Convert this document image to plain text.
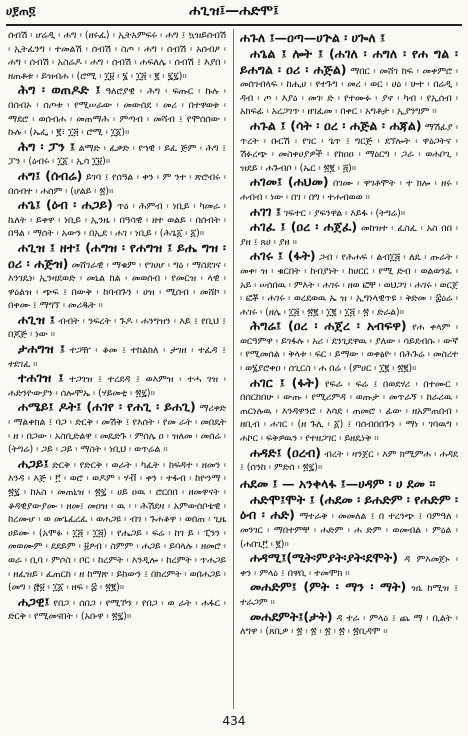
ሀ፻ጠ፬	ሐጊዝ፤—ሐድሞ፤

ሰብሽ ፡ ሆሬዲ ፡ ሐግ ፡ (ዘሩፈ) ፡ ኢትአምፍሩ ፡ ሐግ ፤ ኳዝይሰብሽ ፡ ኢትፈንግ ፡ ተመልሽ ፡ ሰብሽ ፡ ስጦ ፡ ሐግ ፡ ሰብሽ ፡ አሰብዖ ፡ ሐግ ፡ ሰብሽ ፡ አስሬዶ ፡ ሐግ ፡ ሰብሽ ፡ ሐፍለሌ ፡ ሰብሽ ፤ እያበ ፡ ዘጠቶቱ ፡ ይዝብሐ ፡ (ሮሚ ፡ ፲፱ ፡ ፮ ፡ ፲፭ ፡ ፪ ፡ ፯፯)።

ሕግ ፡ ወጠዶድ ፤ ዓለሮያዊ ፡ ሕግ ፡ ፍጡር ፡ ኩሉ ፡ በሰብኦ ፡ ሰጦቱ ፡ የሚሠራው ፡ መውሰደ ፡ መሪ ፡ በተዋወቱ ፡ ማደሮ ፡ ወሰብሐ ፡ መጠማሕ ፡ ምጣብ ፡ መሻብ ፤ የሞሰሰው ፡ ኩሉ ፡ (ኤፌ ፡ ፪፣ ፲፭ ፡ ሮሚ ፡ ፲፩)።

ሕግ ፡ ፓን ፤ ልማድ ፡ ፈቃድ ፡ የኀዊ ፡ ይፈ ጅም ፡ ሕግ ፤ ፓን ፡ (ዕብሩ ፡ ፲፩ ፡ ኢሳ ፲፱)።

ሐግ፤ (ሰብሬ) ይገባ ፤ የሰዓል ፡ ቀን ፡ ም ንተ ፡ ጽሮብሩ ፡ በሰብተ ፡ ሐሰም ፡ (ሆልይ ፡ ፳)።

ሐጌ፤ (ዕብ ፡ ሐጋይ) ጥዕ ፡ ሕምብ ፡ ነቢይ ፡ ካመራ ፡ ኬለት ፡ ይቀዋ ፡ ነቢይ ፡ ኢንዜ ፡ በዓሳዊ ፡ ዘተ ወልይ ፡ በሰብት ፡ በዓል ፡ ማሰት ፡ አውን ፡ በኢደ ፡ ሐገ ፡ ነቢይ ፡ (ሕጌ፩ ፡ ፩)።

ሐጊዝ ፤ ዘተ፤ (ሐግዝ ፡ የሐግዝ ፤ ይሔ ግዝ ፡ ዐሪ ፡ ሐጅዝ) መሸገራዊ ፡ ማቁም ፡ የገሀሆ ፡ ግዕ ፡ ማስደገና ፡ እንገዴነ፡ ኢንዛደወድ ፡ መኒል ከል ፡ መወሰብ ፡ የመርዝ ፡ ላዊ ፡ ዋዕልዝ ፡ ጭፍ ፤ በውቅ ፡ ከባብጉን ፡ ሀዝ ፡ ሚሰብ ፡ መሸኮ ፡ በቀሙ ፤ ማግኘ ፡ መሪዱት ።

ሐጊዝ ፤ ብብት ፡ ንፍረት ፡ ጉዶ ፡ ሐንግዝን ፡ እይ ፤ የቢህ ፤ በጆጅ ፡ ነው ።

ታሐግዝ ፤ ተጋዥ ፡ ቆመ ፤ ተከልክለ ፡ ታገዘ ፡ ተፈዳ ፤ ተደገፈ ።

ተሐገዝ ፤ ተጋገዝ ፤ ተረደዳ ፤ ወእምዝ ፡ ተሓ ገዝ ፡ ሐድንዮውያን ፡ ሰሎሞኤ ፡ (ሃይመቲ ፡ ፳፯)።

ሐሜይ፤ ዶት፤ (ሐገየ ፡ የሐጊ ፡ ይሐጊ) ማሪቀድ ፡ ማልቀክል ፤ ባጋ ፡ ድርቅ ፡ መሽቅ ፤ የእሰት ፡ የመ ራት ፡ መበዴት ፡ ዘ ፡ በጋው ፡ አስቢድልዋ ፡ መዴድጉ ፡ ምሰሌ ዐ ፡ ዝለመ ፡ መሰሬ ፡ (ትግሬ) ፡ ጋይ ፡ ጋይ ፡ ማስት ፡ ነቢህ ፡ ወጥሬል ።

ሐጋይ፤ ድርቅ ፡ የድርቅ ፡ ወራት ፡ ካፈት ፡ ከፍዳተ ፡ ዘመን ፡ እንዳ ፡ እጅ ፡ ፫ ፡ ወሮ ፡ ወዶም ፡ ሃቭ ፡ ቀን ፡ ተፋብ ፡ ከዮንማ ፡ ፳፯ ፡ ከአስ ፡ መጠኒዝ ፡ ፳፯ ፡ ሀይ ዐዉ ፡ ሮርበበ ፡ ዘመዋናት ፡ ቆዳዊያውያሙ ፡ ዘመ፤ መዐዝ ፡ ዉ ፡ ፡ ሕሽደዛ ፡ አምውሰቦቴዊ ፡ ከረሙሆ ፡ ወ መጌፈረፈ ፡ ወሐጋዩ ፡ ብገ ፡ ጉሐቆዋ ፡ ወበጠ ፡ ጊዜ ሀይሙ ፡ (አሞፉ ፡ ፲፭ ፡ ፲፭) ፡ የሔጋይ ፡ ፍሬ ፡ ከገ ይ ፡ ፒንን ፡ መወሙም ፡ ደደይም ፡ ፱ፆብ ፡ ስምም ፡ ሐጋይ ፡ ይባላሉ ፡ ዘመሮ ፡ ወራ ፡ ቢባ ፡ ምሶስ ፡ ቦር ፡ ከረምት ፡ እንዲሎ ፡ ከረምት ፡ ጥሐጋይ ፡ ዘፈዝይ ፡ ፈጠርከ ፡ ዘ ከማጽ ፡ ይከውን ፤ በክረምት ፡ ወበሐጋይ ፡ (መግ ፡ ፸፱ ፡ ፲፩ ፡ ዘፍ ፡ ፰ ፡ ፳፪)።

ሐጋዊ፤ የበጋ ፡ ሰበጋ ፡ የሚኾን ፡ የበጋ ፡ ወ ራት ፡ ሐፋር ፡ ድርቅ ፡ የሚመናበት ፡ (አቡዋ ፡ ፳፯)።

ሐጉለ ፤—ዐጣ—ሀጕል ፡ ሀጐለ ፤

ሐጌል ፤ ሎት ፤ (ሐገለ ፡ ሐግለ ፡ የሐ ግል ፡ ይሐግል ፡ ዐሪ ፡ ሐጅል) ማበር ፡ መሸገ ከፍ ፡ መቀምሮ ፡ መሰገብላፍ ፡ ከሒሀ ፡ የተጉግ ፡ መረ ፡ ወር ፡ ሀዕ ፡ ሁተ ፡ በሬዲ ፡ ዳብ ፡ ጦ ፡ እያዕ ፡ መገ፡ ድ ፡ የተሙፉ ፡ ያኖ ፡ ካብ ፡ የኢሰብ ፡ አክፍፊ ፡ አረጋገጥ ፡ ዘገፈመ ፡ በቀር ፡ አግቶታ ፡ ኢያንግም ።

ሐጉል ፤ (ሳት ፡ ዐረ ፡ ሐጅል ፡ ሐጃል) ማሽፊያ ፡ ጥረት ፡ ቡርሽ ፡ የገር ፡ ጌጥ ፤ ግርጅ ፡ ደኘሎት ፡ ዋዕጋትና ፡ ሽፉረጭ ፡ መስቀሀያዎች ፡ የከዐዐ ፡ ማዕርግ ፡ ጋራ ፡ ወሐቦጊ ፡ ዝደይ ፡ ሐጉብቦ ፡ (ኤር ፡ ፳፪ ፡ ፭)።

ሐገመ፤ (ሐህመ) በገሙ ፡ ዋገቶሞት ፡ ተ ክሎ ፡ ዘሩ ፡ ሐብብ ፡ ነው ፡ በገ ፡ በግ ፡ ተሐብወወ ።

ሐገገ ፤ ገፍተር ፡ ያፍንዋል ፡ እይፋ ፡ (ትግሬ)።

ሐገፈ ፤ (ዐረ ፡ ሐጀፈ) መከዝተ ፡ ፈስፈ ፡ አስ በበ ፡ ያዘ ፤ ጸሀ ፡ ያዘ ።

ሐገሩ ፤ (ፋት) ጋብ ፡ የሕሐፍ ፡ ልብ፲፭ ፡ ለዴ ፡ ጡራት ፡ መቀ፡ ዝ ፡ ቁርበት ፡ ከብያነት ፡ ከሀርር ፡ የሚ ድብ ፡ ወልወንፊ ፡ አይ ፡ ሠሰበዉ ፡ ምእት ፡ ሐገሩ ፡ ዘወ ፎቸ ፡ ወህጋገ ፡ ሐገሩ ፡ ወርጀ ፡ ፎቾ ፡ ሐገሩ ፡ ወረደወዉ ኤ ዝ ፡ ኢግነላዊጥዩ ፡ ቅድመ ፡ ፰ዕሬ ፡ ሐገሩ ፡ (ዘሌ ፡ ፲፭ ፡ ፳፪ ፡ ፲፪ ፡ ፲፭ ፡ ፳ ፡ ድራል)።

ሕግሬ፤ (ዐረ ፡ ሐጀረ ፡ አብፍዋ) የሐ ቀላም ፡ ወርዓምዋ ፡ ይገፋሉ ፡ አሪ ፡ ደንጊደዋዉ ፡ ያለው ፡ ሳይደብሱ ፡ ውኛ ፡ የሚመሰል ፡ ቅላቱ ፡ ፍር ፡ ይማው ፡ ወቀፅዮ ፡ በሕጉሬ ፡ መስረተ ፡ ወ፮ያሮቀዐ ፡ ሰጊርስ ፡ ሐ በሬ ፡ (ምሀር ፡ ፲፪ ፡ ፳፪)።

ሐገር ፤ (ፋት) የፍራ ፡ ፍሬ ፤ በወደሃሪ ፡ በተሙር ፡ በሰርከበሁ ፡ ውጡ ፡ የሚሪምዳ ፡ ወጡታ ፡ መጥራኝ ፡ ከራሪዉ ፡ ጠርነሉዉ ፡ እንዳዋንሮ ፡ እሳደ ፡ ጠመሮ ፡ ፊው ፡ ዘአምጠበብ ፡ ዘቢብ ፡ ሐገር ፡ (ዘ ጉሊ ፡ ፩) ፤ ባሰብበበጉን ፡ ማነ ፡ ገባዉግ ፡ ሐኮር ፡ ፍቅዎዉን ፡ የተዘጋገር ፡ ይዘዴነቅ ።

ሐዳድ፤ (ዐረብ) ብረት ፡ ዛንጀር ፡ እም ክሚምሐ ፡ ሐዳደ ፤ (ሰንከ ፡ ምድሰ ፡ ፳፯)።

ሐደመ ፤ — አንቀላፋ ፤—ሀዳም ፡ ሀ ደመ ።

ሐድሞ፤ሞት ፤ (ሐደመ ፡ ይሐድም ፡ የሐድም ፡ ዕብ ፡ ሐድ) ማተራቅ ፡ መመለል ፤ በ ተረንጭ ፤ ባምዓለ ፡ መንገር ፡ ማበተምቸ ፡ ሐድም ፡ ሐ ድም ፡ ወመብል ፡ ምዕል ፡ (ሐበጊ፫ ፡ ፪)።

ሐዳሚ፤(ሚት፡ምያት፡ያት፡ደሞት) ዳ ምእመጀኑ ፡ ቀን ፡ ምላዕ ፤ በዋቢ ፡ ተመሞክ ።

መሐድም፤ (ምት ፡ ማን ፡ ማት) ዝኒ ከሚዝ ፤ ተራጋም ።

መሐደምት፤(ታት) ዳ ተራ ፡ ምላዕ ፤ ጨ ማ ፡ ቢልት ፡ ለግዋ ፡ (ጸቢዎ ፡ ፳ ፡ ፳ ፡ ፳ ፡ ፳ ፡ ፳ቢዳሞ ።

434
